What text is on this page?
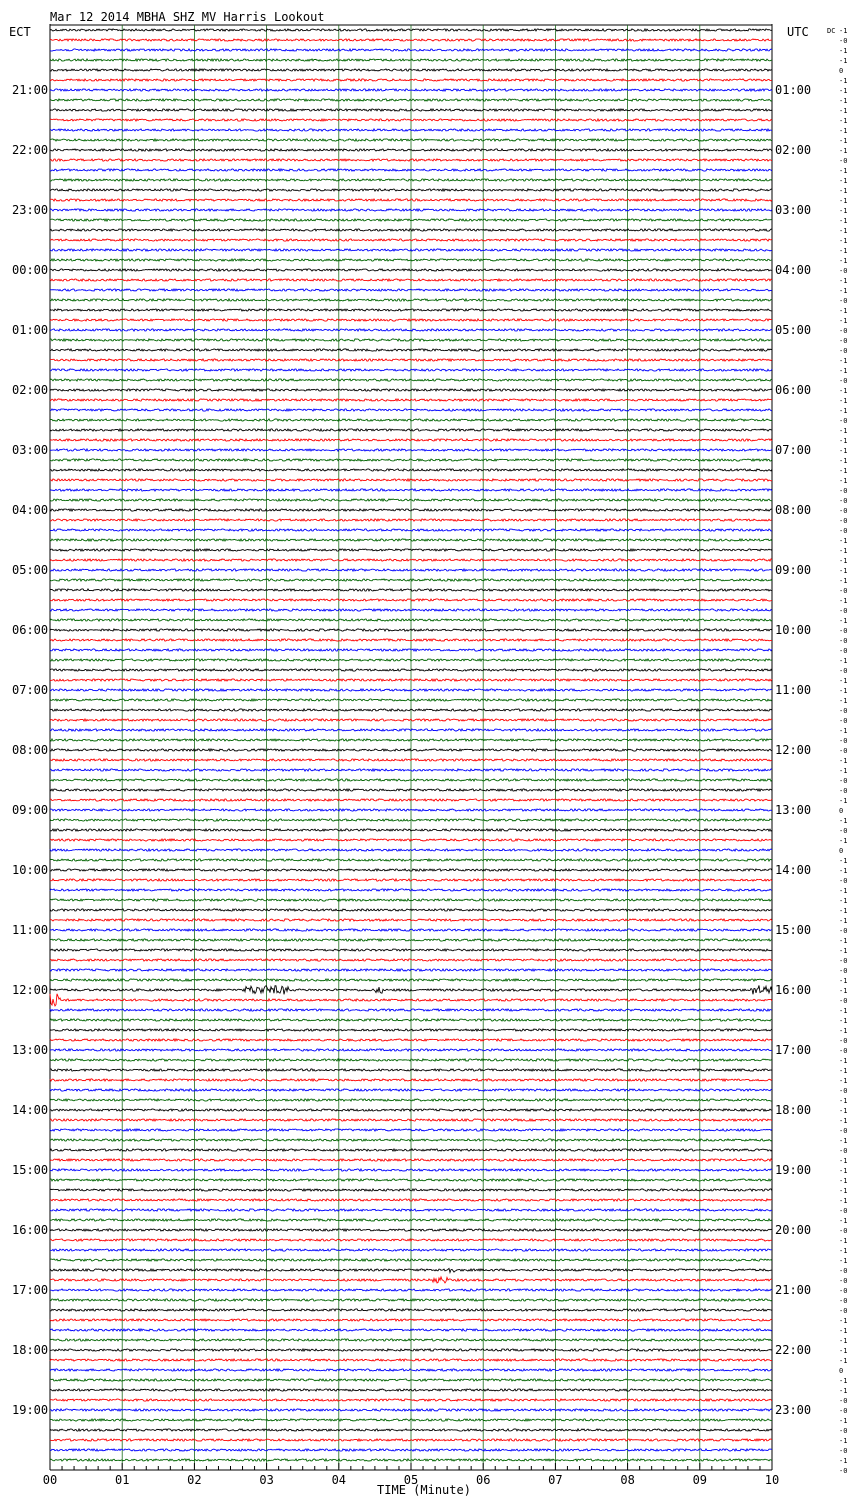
Mar 12 2014 MBHA SHZ MV Harris Lookout
ECT	UTC	DC
21:00
22:00
23:00
00:00
01:00
02:00
03:00
04:00
05:00
06:00
07:00
08:00
09:00
10:00
11:00
12:00
13:00
14:00
15:00
16:00
17:00
18:00
19:00
01:00
02:00
03:00
04:00
05:00
06:00
07:00
08:00
09:00
10:00
11:00
12:00
13:00
14:00
15:00
16:00
17:00
18:00
19:00
20:00
21:00
22:00
23:00
-1
-0
-1
-1
0
-1
-1
-1
-1
-1
-1
-1
-1
-0
-1
-1
-1
-1
-1
-1
-1
-1
-1
-1
-0
-1
-1
-0
-1
-1
-0
-0
-0
-1
-1
-0
-1
-1
-1
-0
-1
-1
-1
-1
-1
-1
-0
-0
-0
-0
-0
-1
-1
-1
-1
-1
-0
-1
-0
-1
-0
-0
-0
-1
-0
-1
-1
-1
-0
-0
-1
-0
-0
-1
-1
-0
-0
-1
0
-1
-0
-1
0
-1
-1
-0
-1
-1
-1
-1
-0
-1
-1
-0
-0
-1
-1
-0
-1
-1
-1
-0
-0
-1
-1
-1
-0
-1
-1
-1
-0
-1
-0
-1
-1
-1
-1
-1
-0
-1
-0
-1
-1
-1
-0
-0
-0
-0
-0
-1
-1
-1
-1
-1
0
-1
-1
-0
-0
-1
-0
-1
-0
-1
-0
00	01	02	03	04	05	06	07	08	09	10
TIME (Minute)
